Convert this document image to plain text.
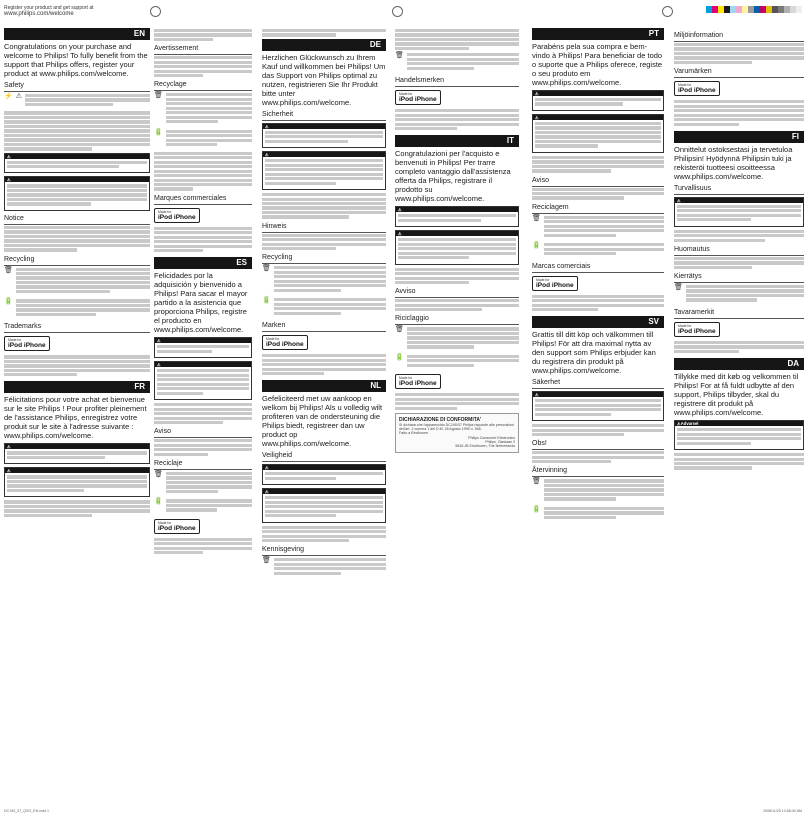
Register your product and get support at
www.philips.com/welcome
EN
Congratulations on your purchase and welcome to Philips! To fully benefit from the support that Philips offers, register your product at www.philips.com/welcome.
Safety
⚡ ⚠
⚠
⚠
Notice
Recycling
🗑
🔋
Trademarks
Made for
iPod iPhone
FR
Félicitations pour votre achat et bienvenue sur le site Philips ! Pour profiter pleinement de l'assistance Philips, enregistrez votre produit sur le site à l'adresse suivante : www.philips.com/welcome.
⚠
⚠
Avertissement
Recyclage
🗑
🔋
Marques commerciales
Made for
iPod iPhone
ES
Felicidades por la adquisición y bienvenido a Philips! Para sacar el mayor partido a la asistencia que proporciona Philips, registre el producto en www.philips.com/welcome.
⚠
⚠
Aviso
Reciclaje
🗑
🔋
Made for
iPod iPhone
DE
Herzlichen Glückwunsch zu Ihrem Kauf und willkommen bei Philips! Um das Support von Philips optimal zu nutzen, registrieren Sie Ihr Produkt bitte unter www.philips.com/welcome.
Sicherheit
⚠
⚠
Hinweis
Recycling
🗑
🔋
Marken
Made for
iPod iPhone
NL
Gefeliciteerd met uw aankoop en welkom bij Philips! Als u volledig wilt profiteren van de ondersteuning die Philips biedt, registreer dan uw product op www.philips.com/welcome.
Veiligheid
⚠
⚠
Kennisgeving
🗑
🗑
Handelsmerken
Made for
iPod iPhone
IT
Congratulazioni per l'acquisto e benvenuti in Philips! Per trarre completo vantaggio dall'assistenza offerta da Philips, registrare il prodotto su www.philips.com/welcome.
⚠
⚠
Avviso
Riciclaggio
🗑
🔋
Made for
iPod iPhone
DICHIARAZIONE DI CONFORMITA'
Si dichiara che l'apparecchio DC190/37 Philips risponde alle prescrizioni dell'art. 2 comma 1 del D.M. 28 Agosto 1995 n. 548.
Fatto a Eindhoven
Philips Consumer Electronics
Philips, Glaslaan 2
5616 JB Eindhoven, The Netherlands
PT
Parabéns pela sua compra e bem-vindo à Philips! Para beneficiar de todo o suporte que a Philips oferece, registe o seu produto em www.philips.com/welcome.
⚠
⚠
Aviso
Reciclagem
🗑
🔋
Marcas comerciais
Made for
iPod iPhone
SV
Grattis till ditt köp och välkommen till Philips! För att dra maximal nytta av den support som Philips erbjuder kan du registrera din produkt på www.philips.com/welcome.
Säkerhet
⚠
Obs!
Återvinning
🗑
🔋
Miljöinformation
Varumärken
Made for
iPod iPhone
FI
Onnittelut ostoksestasi ja tervetuloa Philipsin! Hyödynnä Philipsin tuki ja rekisteröi tuotteesi osoitteessa www.philips.com/welcome.
Turvallisuus
⚠
Huomautus
Kierrätys
🗑
Tavaramerkit
Made for
iPod iPhone
DA
Tillykke med dit køb og velkommen til Philips! For at få fuldt udbytte af den support, Philips tilbyder, skal du registrere dit produkt på www.philips.com/welcome.
⚠ Advarsel
DC190_37_QSG_EN.indd 1	2008/11/25 10:58:40 AM
